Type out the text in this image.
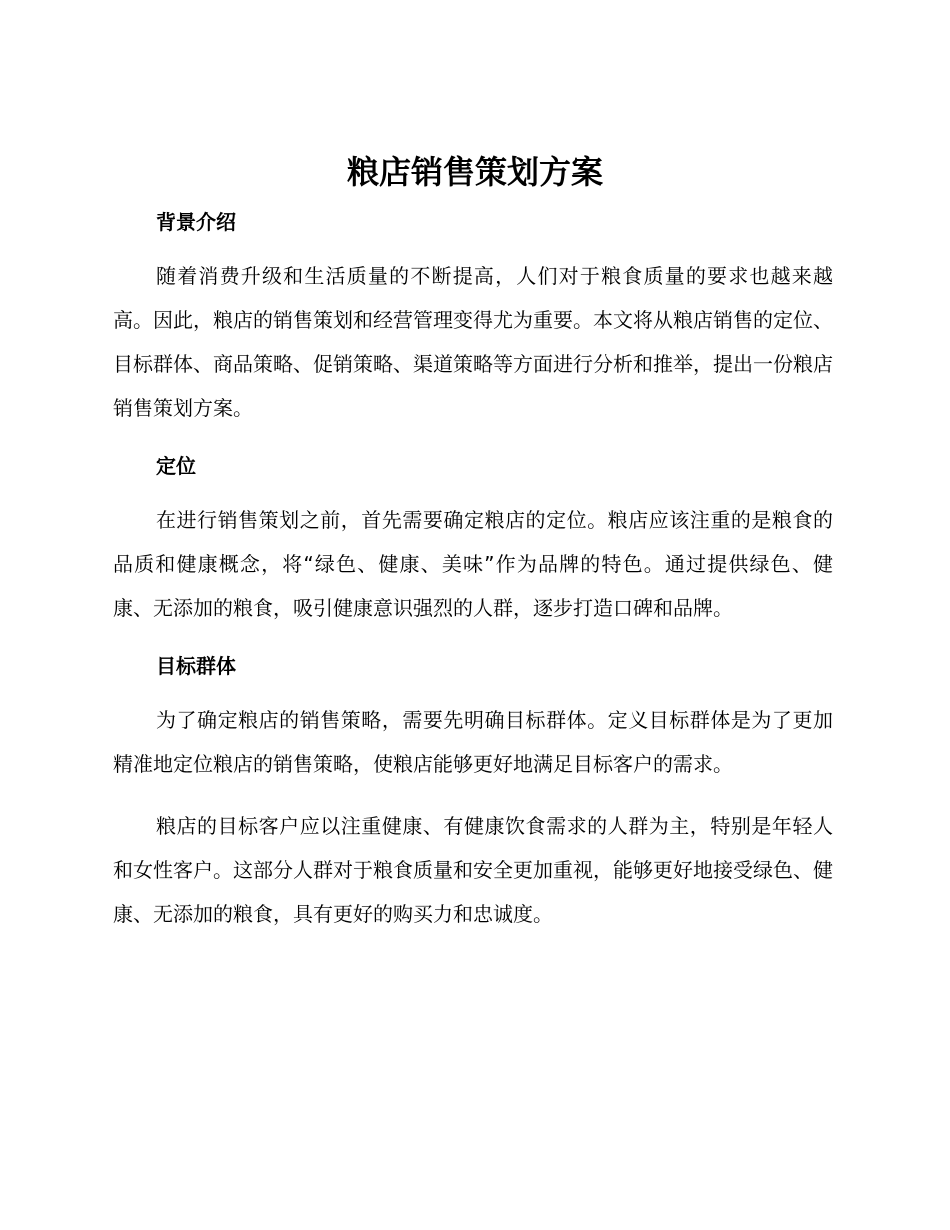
粮店销售策划方案
背景介绍

随着消费升级和生活质量的不断提高，人们对于粮食质量的要求也越来越高。因此，粮店的销售策划和经营管理变得尤为重要。本文将从粮店销售的定位、目标群体、商品策略、促销策略、渠道策略等方面进行分析和推举，提出一份粮店销售策划方案。

定位

在进行销售策划之前，首先需要确定粮店的定位。粮店应该注重的是粮食的品质和健康概念，将“绿色、健康、美味”作为品牌的特色。通过提供绿色、健康、无添加的粮食，吸引健康意识强烈的人群，逐步打造口碑和品牌。

目标群体

为了确定粮店的销售策略，需要先明确目标群体。定义目标群体是为了更加精准地定位粮店的销售策略，使粮店能够更好地满足目标客户的需求。

粮店的目标客户应以注重健康、有健康饮食需求的人群为主，特别是年轻人和女性客户。这部分人群对于粮食质量和安全更加重视，能够更好地接受绿色、健康、无添加的粮食，具有更好的购买力和忠诚度。
